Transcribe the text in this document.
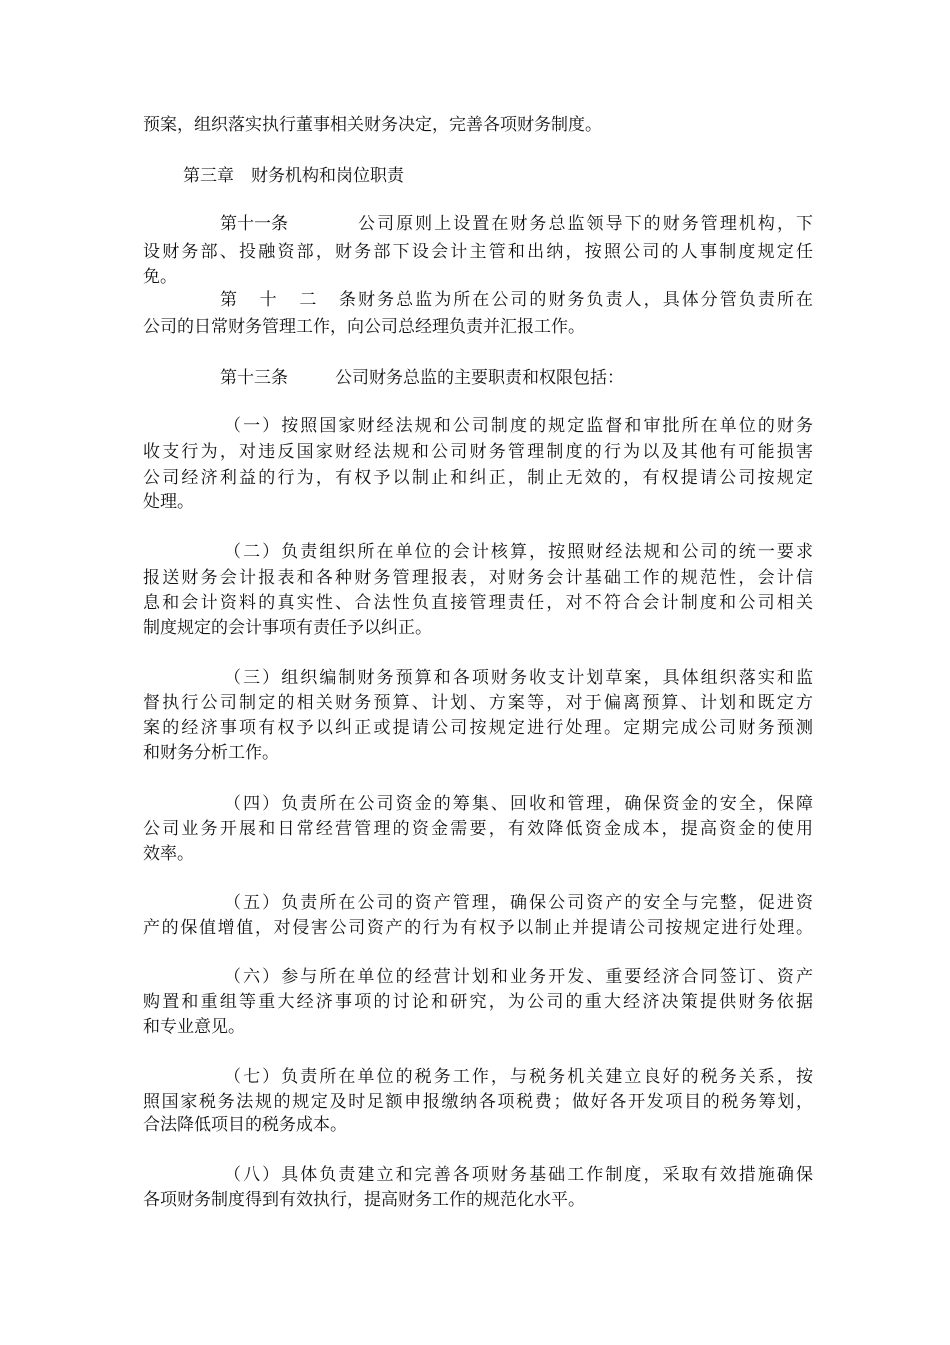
预案，组织落实执行董事相关财务决定，完善各项财务制度。
第三章　财务机构和岗位职责
第十一条	公司原则上设置在财务总监领导下的财务管理机构，下
设财务部、投融资部，财务部下设会计主管和出纳，按照公司的人事制度规定任
免。
第十二条财务总监为所在公司的财务负责人，具体分管负责所在
公司的日常财务管理工作，向公司总经理负责并汇报工作。
第十三条	公司财务总监的主要职责和权限包括：
（一）按照国家财经法规和公司制度的规定监督和审批所在单位的财务
收支行为，对违反国家财经法规和公司财务管理制度的行为以及其他有可能损害
公司经济利益的行为，有权予以制止和纠正，制止无效的，有权提请公司按规定
处理。
（二）负责组织所在单位的会计核算，按照财经法规和公司的统一要求
报送财务会计报表和各种财务管理报表，对财务会计基础工作的规范性，会计信
息和会计资料的真实性、合法性负直接管理责任，对不符合会计制度和公司相关
制度规定的会计事项有责任予以纠正。
（三）组织编制财务预算和各项财务收支计划草案，具体组织落实和监
督执行公司制定的相关财务预算、计划、方案等，对于偏离预算、计划和既定方
案的经济事项有权予以纠正或提请公司按规定进行处理。定期完成公司财务预测
和财务分析工作。
（四）负责所在公司资金的筹集、回收和管理，确保资金的安全，保障
公司业务开展和日常经营管理的资金需要，有效降低资金成本，提高资金的使用
效率。
（五）负责所在公司的资产管理，确保公司资产的安全与完整，促进资
产的保值增值，对侵害公司资产的行为有权予以制止并提请公司按规定进行处理。
（六）参与所在单位的经营计划和业务开发、重要经济合同签订、资产
购置和重组等重大经济事项的讨论和研究，为公司的重大经济决策提供财务依据
和专业意见。
（七）负责所在单位的税务工作，与税务机关建立良好的税务关系，按
照国家税务法规的规定及时足额申报缴纳各项税费；做好各开发项目的税务筹划，
合法降低项目的税务成本。
（八）具体负责建立和完善各项财务基础工作制度，采取有效措施确保
各项财务制度得到有效执行，提高财务工作的规范化水平。
